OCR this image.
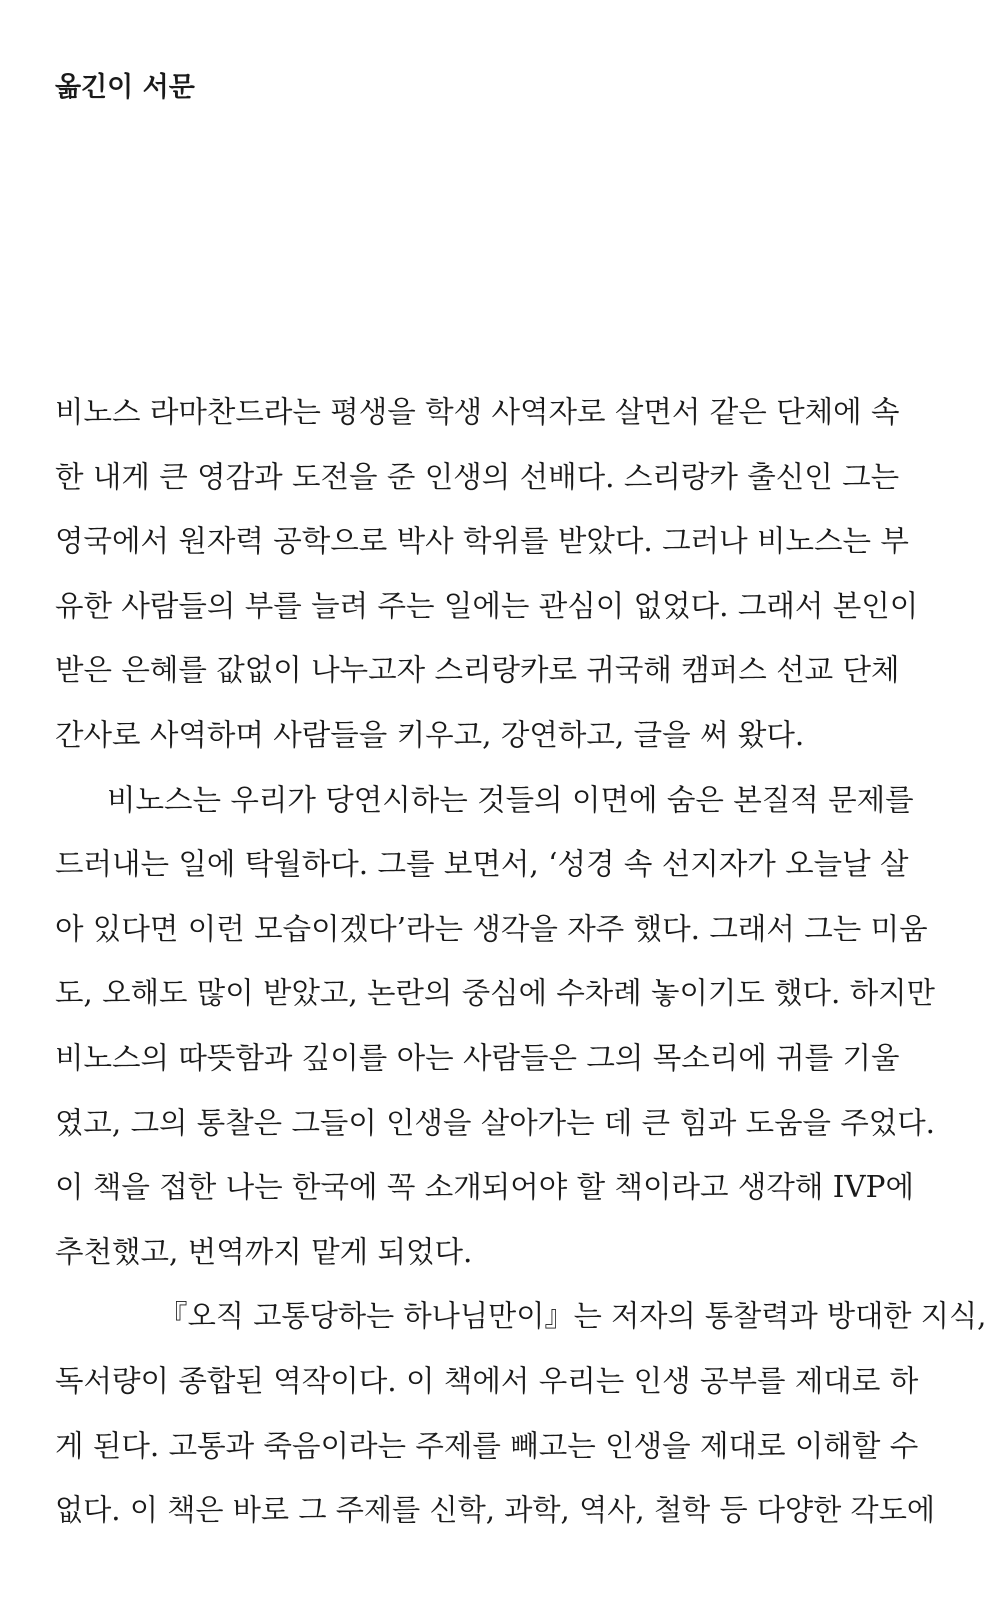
옮긴이 서문
비노스 라마찬드라는 평생을 학생 사역자로 살면서 같은 단체에 속
한 내게 큰 영감과 도전을 준 인생의 선배다. 스리랑카 출신인 그는
영국에서 원자력 공학으로 박사 학위를 받았다. 그러나 비노스는 부
유한 사람들의 부를 늘려 주는 일에는 관심이 없었다. 그래서 본인이
받은 은혜를 값없이 나누고자 스리랑카로 귀국해 캠퍼스 선교 단체
간사로 사역하며 사람들을 키우고, 강연하고, 글을 써 왔다.
비노스는 우리가 당연시하는 것들의 이면에 숨은 본질적 문제를
드러내는 일에 탁월하다. 그를 보면서, ‘성경 속 선지자가 오늘날 살
아 있다면 이런 모습이겠다’라는 생각을 자주 했다. 그래서 그는 미움
도, 오해도 많이 받았고, 논란의 중심에 수차례 놓이기도 했다. 하지만
비노스의 따뜻함과 깊이를 아는 사람들은 그의 목소리에 귀를 기울
였고, 그의 통찰은 그들이 인생을 살아가는 데 큰 힘과 도움을 주었다.
이 책을 접한 나는 한국에 꼭 소개되어야 할 책이라고 생각해 IVP에
추천했고, 번역까지 맡게 되었다.
『오직 고통당하는 하나님만이』는 저자의 통찰력과 방대한 지식,
독서량이 종합된 역작이다. 이 책에서 우리는 인생 공부를 제대로 하
게 된다. 고통과 죽음이라는 주제를 빼고는 인생을 제대로 이해할 수
없다. 이 책은 바로 그 주제를 신학, 과학, 역사, 철학 등 다양한 각도에
